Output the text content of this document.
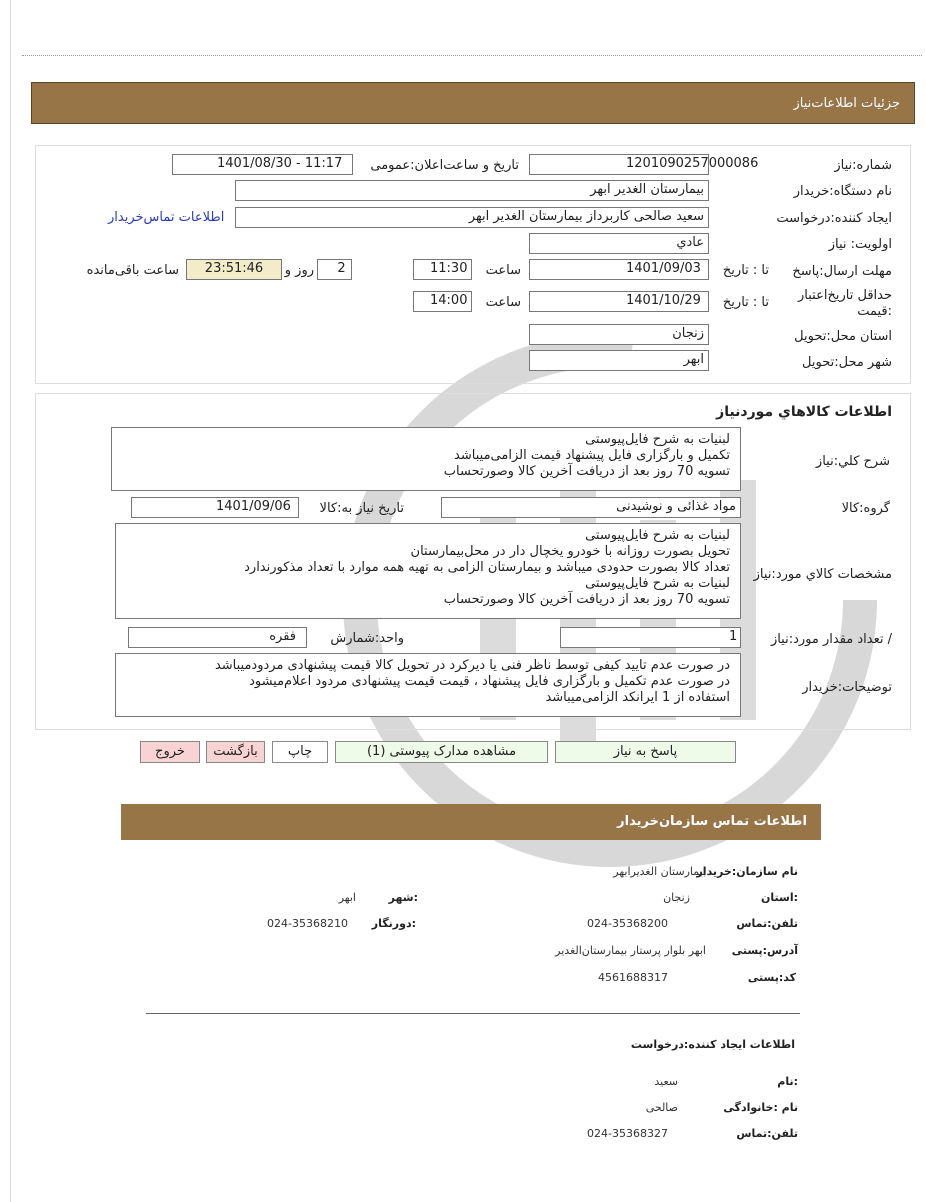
جزئیات اطلاعات‌نیاز
شماره:نیاز
1201090257000086
تاریخ و ساعت‌اعلان:عمومی
1401/08/30 - 11:17
نام دستگاه:خریدار
بیمارستان الغدیر ابهر
ایجاد کننده:درخواست
سعید صالحی کاربرداز بیمارستان الغدیر ابهر
اطلاعات تماس‌خریدار
اولویت: نیاز
عادي
مهلت ارسال:پاسخ
تا : تاریخ
1401/09/03
ساعت
11:30
2
روز و
23:51:46
ساعت باقی‌مانده
حداقل تاریخ‌اعتبار :قیمت
تا : تاریخ
1401/10/29
ساعت
14:00
استان محل:تحویل
زنجان
شهر محل:تحویل
ابهر
اطلاعات كالاهاي موردنياز
شرح كلي:نياز
لبنیات به شرح فایل‌پیوستی
تکمیل و بارگزاری فایل پیشنهاد قیمت الزامی‌میباشد
تسویه 70 روز بعد از دریافت آخرین کالا وصورتحساب
گروه:کالا
مواد غذائی و نوشیدنی
تاریخ نیاز به:کالا
1401/09/06
مشخصات كالاي مورد:نياز
لبنیات به شرح فایل‌پیوستی
تحویل بصورت روزانه با خودرو یخچال دار در محل‌بیمارستان
تعداد کالا بصورت حدودی میباشد و بیمارستان الزامی به تهیه همه موارد با تعداد مذکور‌ندارد
لبنیات به شرح فایل‌پیوستی
تسویه 70 روز بعد از دریافت آخرین کالا وصورتحساب
/ تعداد مقدار مورد:نیاز
1
واحد:شمارش
فقره
توضیحات:خریدار
در صورت عدم تایید کیفی توسط ناظر فنی یا دیرکرد در تحویل کالا قیمت پیشنهادی مردودمیباشد
در صورت عدم تکمیل و بارگزاری فایل پیشنهاد ، قیمت قیمت پیشنهادی مردود اعلام‌میشود
استفاده از 1 ایرانکد الزامی‌میباشد
پاسخ به نیاز
مشاهده مدارک پیوستی (1)
چاپ
بازگشت
خروج
اطلاعات تماس سازمان‌خریدار
نام سازمان:خریدار
بیمارستان الغدیرابهر
:استان
زنجان
:شهر
ابهر
تلفن:تماس
024-35368200
:دورنگار
024-35368210
آدرس:پستی
ابهر بلوار پرستار بیمارستان‌الغدیر
کد:پستی
4561688317
اطلاعات ایجاد کننده:درخواست
:نام
سعید
نام :خانوادگی
صالحی
تلفن:تماس
024-35368327
